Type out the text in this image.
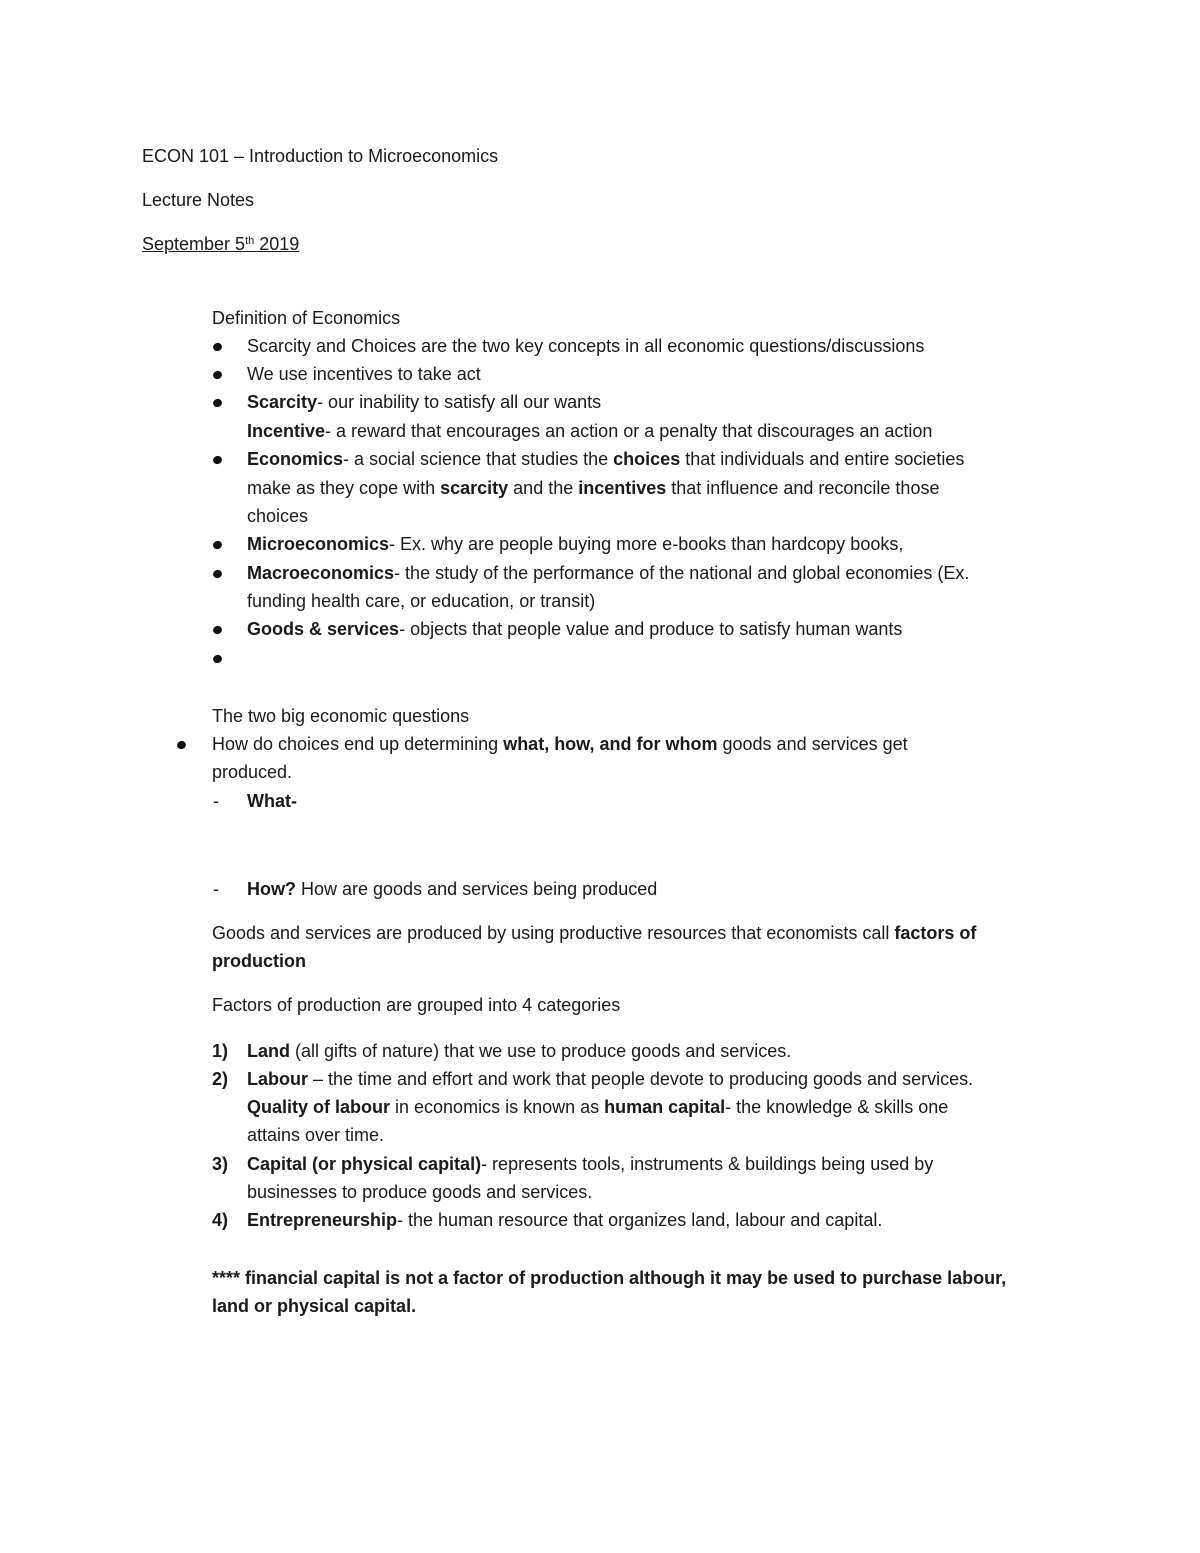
ECON 101 – Introduction to Microeconomics
Lecture Notes
September 5th 2019
Definition of Economics
Scarcity and Choices are the two key concepts in all economic questions/discussions
We use incentives to take act
Scarcity- our inability to satisfy all our wants
Incentive- a reward that encourages an action or a penalty that discourages an action
Economics- a social science that studies the choices that individuals and entire societies
make as they cope with scarcity and the incentives that influence and reconcile those
choices
Microeconomics- Ex. why are people buying more e-books than hardcopy books,
Macroeconomics- the study of the performance of the national and global economies (Ex.
funding health care, or education, or transit)
Goods & services- objects that people value and produce to satisfy human wants
The two big economic questions
How do choices end up determining what, how, and for whom goods and services get
produced.
- What-
- How? How are goods and services being produced
Goods and services are produced by using productive resources that economists call factors of
production
Factors of production are grouped into 4 categories
1) Land (all gifts of nature) that we use to produce goods and services.
2) Labour – the time and effort and work that people devote to producing goods and services.
Quality of labour in economics is known as human capital- the knowledge & skills one
attains over time.
3) Capital (or physical capital)- represents tools, instruments & buildings being used by
businesses to produce goods and services.
4) Entrepreneurship- the human resource that organizes land, labour and capital.
**** financial capital is not a factor of production although it may be used to purchase labour,
land or physical capital.
